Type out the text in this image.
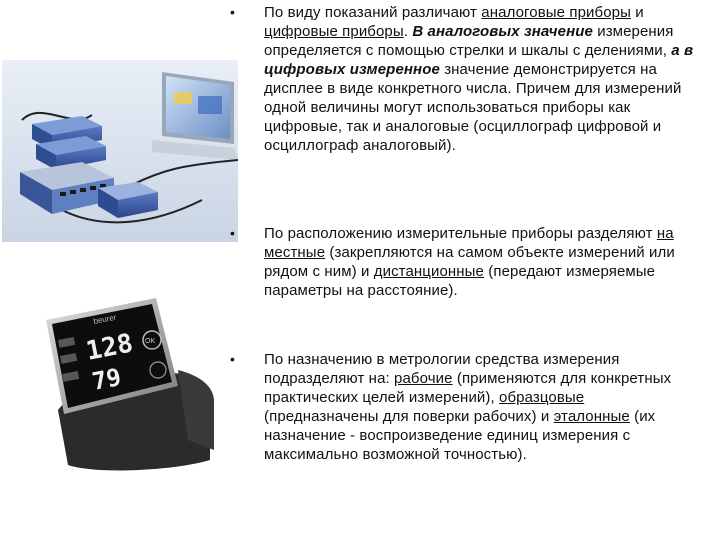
beurer
128
79
OK
• По виду показаний различают аналоговые приборы и цифровые приборы. В аналоговых значение измерения определяется с помощью стрелки и шкалы с делениями, а в цифровых измеренное значение демонстрируется на дисплее в виде конкретного числа. Причем для измерений одной величины могут использоваться приборы как цифровые, так и аналоговые (осциллограф цифровой и осциллограф аналоговый).
• По расположению измерительные приборы разделяют на местные (закрепляются на самом объекте измерений или рядом с ним) и дистанционные (передают измеряемые параметры на расстояние).
• По назначению в метрологии средства измерения подразделяют на: рабочие (применяются для конкретных практических целей измерений), образцовые (предназначены для поверки рабочих) и эталонные (их назначение - воспроизведение единиц измерения с максимально возможной точностью).
